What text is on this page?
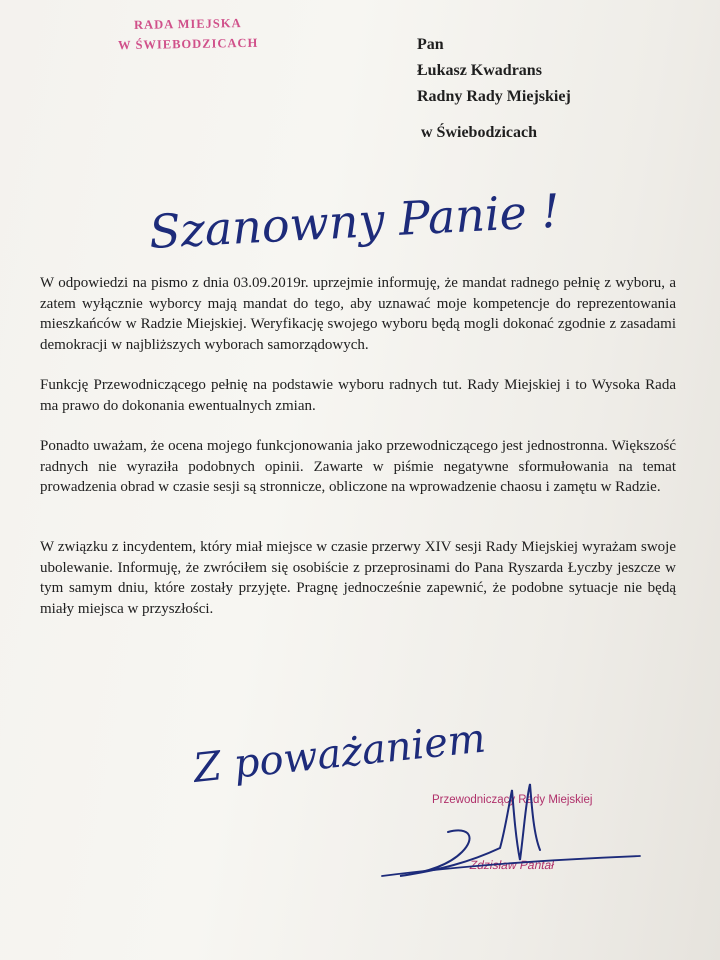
RADA MIEJSKA
W ŚWIEBODZICACH	Pan
Łukasz Kwadrans
Radny Rady Miejskiej
w Świebodzicach
Szanowny Panie !

W odpowiedzi na pismo z dnia 03.09.2019r. uprzejmie informuję, że mandat radnego pełnię z wyboru, a zatem wyłącznie wyborcy mają mandat do tego, aby uznawać moje kompetencje do reprezentowania mieszkańców w Radzie Miejskiej. Weryfikację swojego wyboru będą mogli dokonać zgodnie z zasadami demokracji w najbliższych wyborach samorządowych.

Funkcję Przewodniczącego pełnię na podstawie wyboru radnych tut. Rady Miejskiej i to Wysoka Rada ma prawo do dokonania ewentualnych zmian.

Ponadto uważam, że ocena mojego funkcjonowania jako przewodniczącego jest jednostronna. Większość radnych nie wyraziła podobnych opinii. Zawarte w piśmie negatywne sformułowania na temat prowadzenia obrad w czasie sesji są stronnicze, obliczone na wprowadzenie chaosu i zamętu w Radzie.

W związku z incydentem, który miał miejsce w czasie przerwy XIV sesji Rady Miejskiej wyrażam swoje ubolewanie. Informuję, że zwróciłem się osobiście z przeprosinami do Pana Ryszarda Łyczby jeszcze w tym samym dniu, które zostały przyjęte. Pragnę jednocześnie zapewnić, że podobne sytuacje nie będą miały miejsca w przyszłości.

Z poważaniem
Przewodniczący Rady Miejskiej
Zdzisław Pantał
